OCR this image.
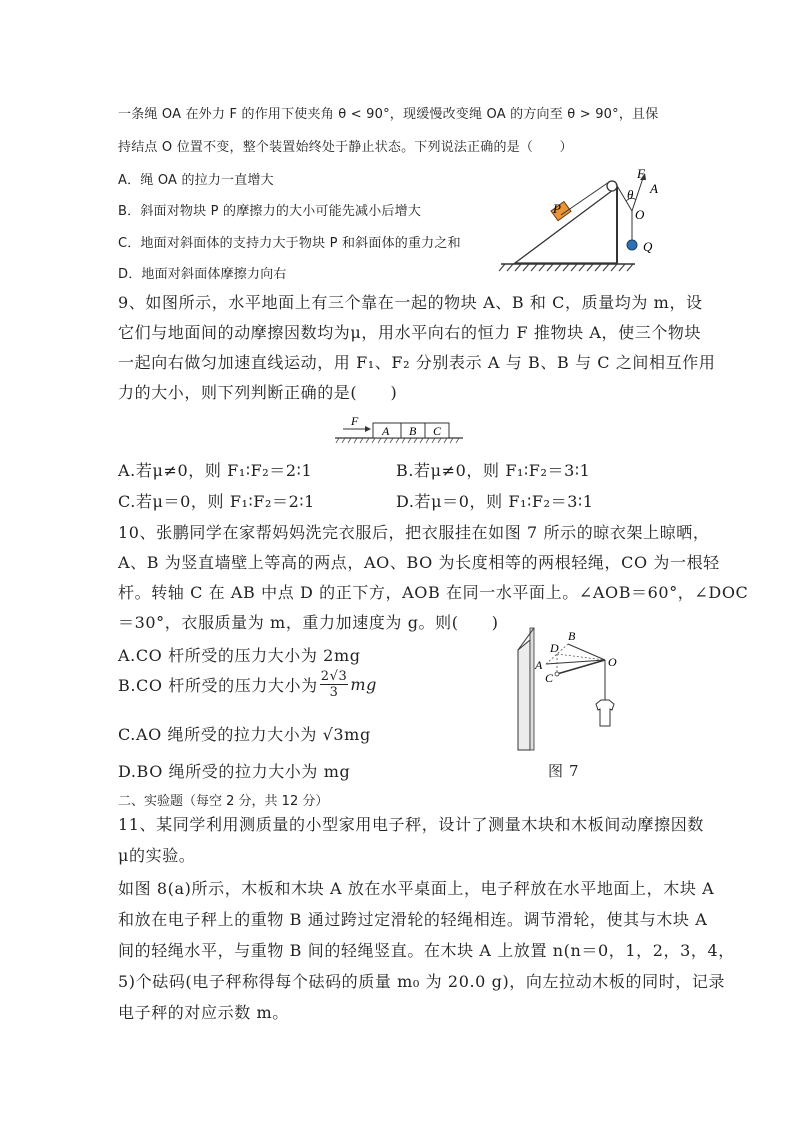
一条绳 OA 在外力 F 的作用下使夹角 θ < 90°，现缓慢改变绳 OA 的方向至 θ > 90°，且保
持结点 O 位置不变，整个装置始终处于静止状态。下列说法正确的是（　　）
A．绳 OA 的拉力一直增大
B．斜面对物块 P 的摩擦力的大小可能先减小后增大
C．地面对斜面体的支持力大于物块 P 和斜面体的重力之和
D．地面对斜面体摩擦力向右
F
A
θ
O
P
Q
9、如图所示，水平地面上有三个靠在一起的物块 A、B 和 C，质量均为 m，设
它们与地面间的动摩擦因数均为μ，用水平向右的恒力 F 推物块 A，使三个物块
一起向右做匀加速直线运动，用 F₁、F₂ 分别表示 A 与 B、B 与 C 之间相互作用
力的大小，则下列判断正确的是(　　)
F
A B C
A.若μ≠0，则 F₁∶F₂＝2∶1	B.若μ≠0，则 F₁∶F₂＝3∶1
C.若μ＝0，则 F₁∶F₂＝2∶1	D.若μ＝0，则 F₁∶F₂＝3∶1
10、张鹏同学在家帮妈妈洗完衣服后，把衣服挂在如图 7 所示的晾衣架上晾晒，
A、B 为竖直墙壁上等高的两点，AO、BO 为长度相等的两根轻绳，CO 为一根轻
杆。转轴 C 在 AB 中点 D 的正下方，AOB 在同一水平面上。∠AOB＝60°，∠DOC
＝30°，衣服质量为 m，重力加速度为 g。则(　　)
A.CO 杆所受的压力大小为 2mg
B.CO 杆所受的压力大小为 $\frac{2√3}{3}$ mg
C.AO 绳所受的拉力大小为 √3mg
D.BO 绳所受的拉力大小为 mg
A
B
D
C
O
图 7
二、实验题（每空 2 分，共 12 分）
11、某同学利用测质量的小型家用电子秤，设计了测量木块和木板间动摩擦因数
μ的实验。
如图 8(a)所示，木板和木块 A 放在水平桌面上，电子秤放在水平地面上，木块 A
和放在电子秤上的重物 B 通过跨过定滑轮的轻绳相连。调节滑轮，使其与木块 A
间的轻绳水平，与重物 B 间的轻绳竖直。在木块 A 上放置 n(n＝0，1，2，3，4，
5)个砝码(电子秤称得每个砝码的质量 m₀ 为 20.0 g)，向左拉动木板的同时，记录
电子秤的对应示数 m。
